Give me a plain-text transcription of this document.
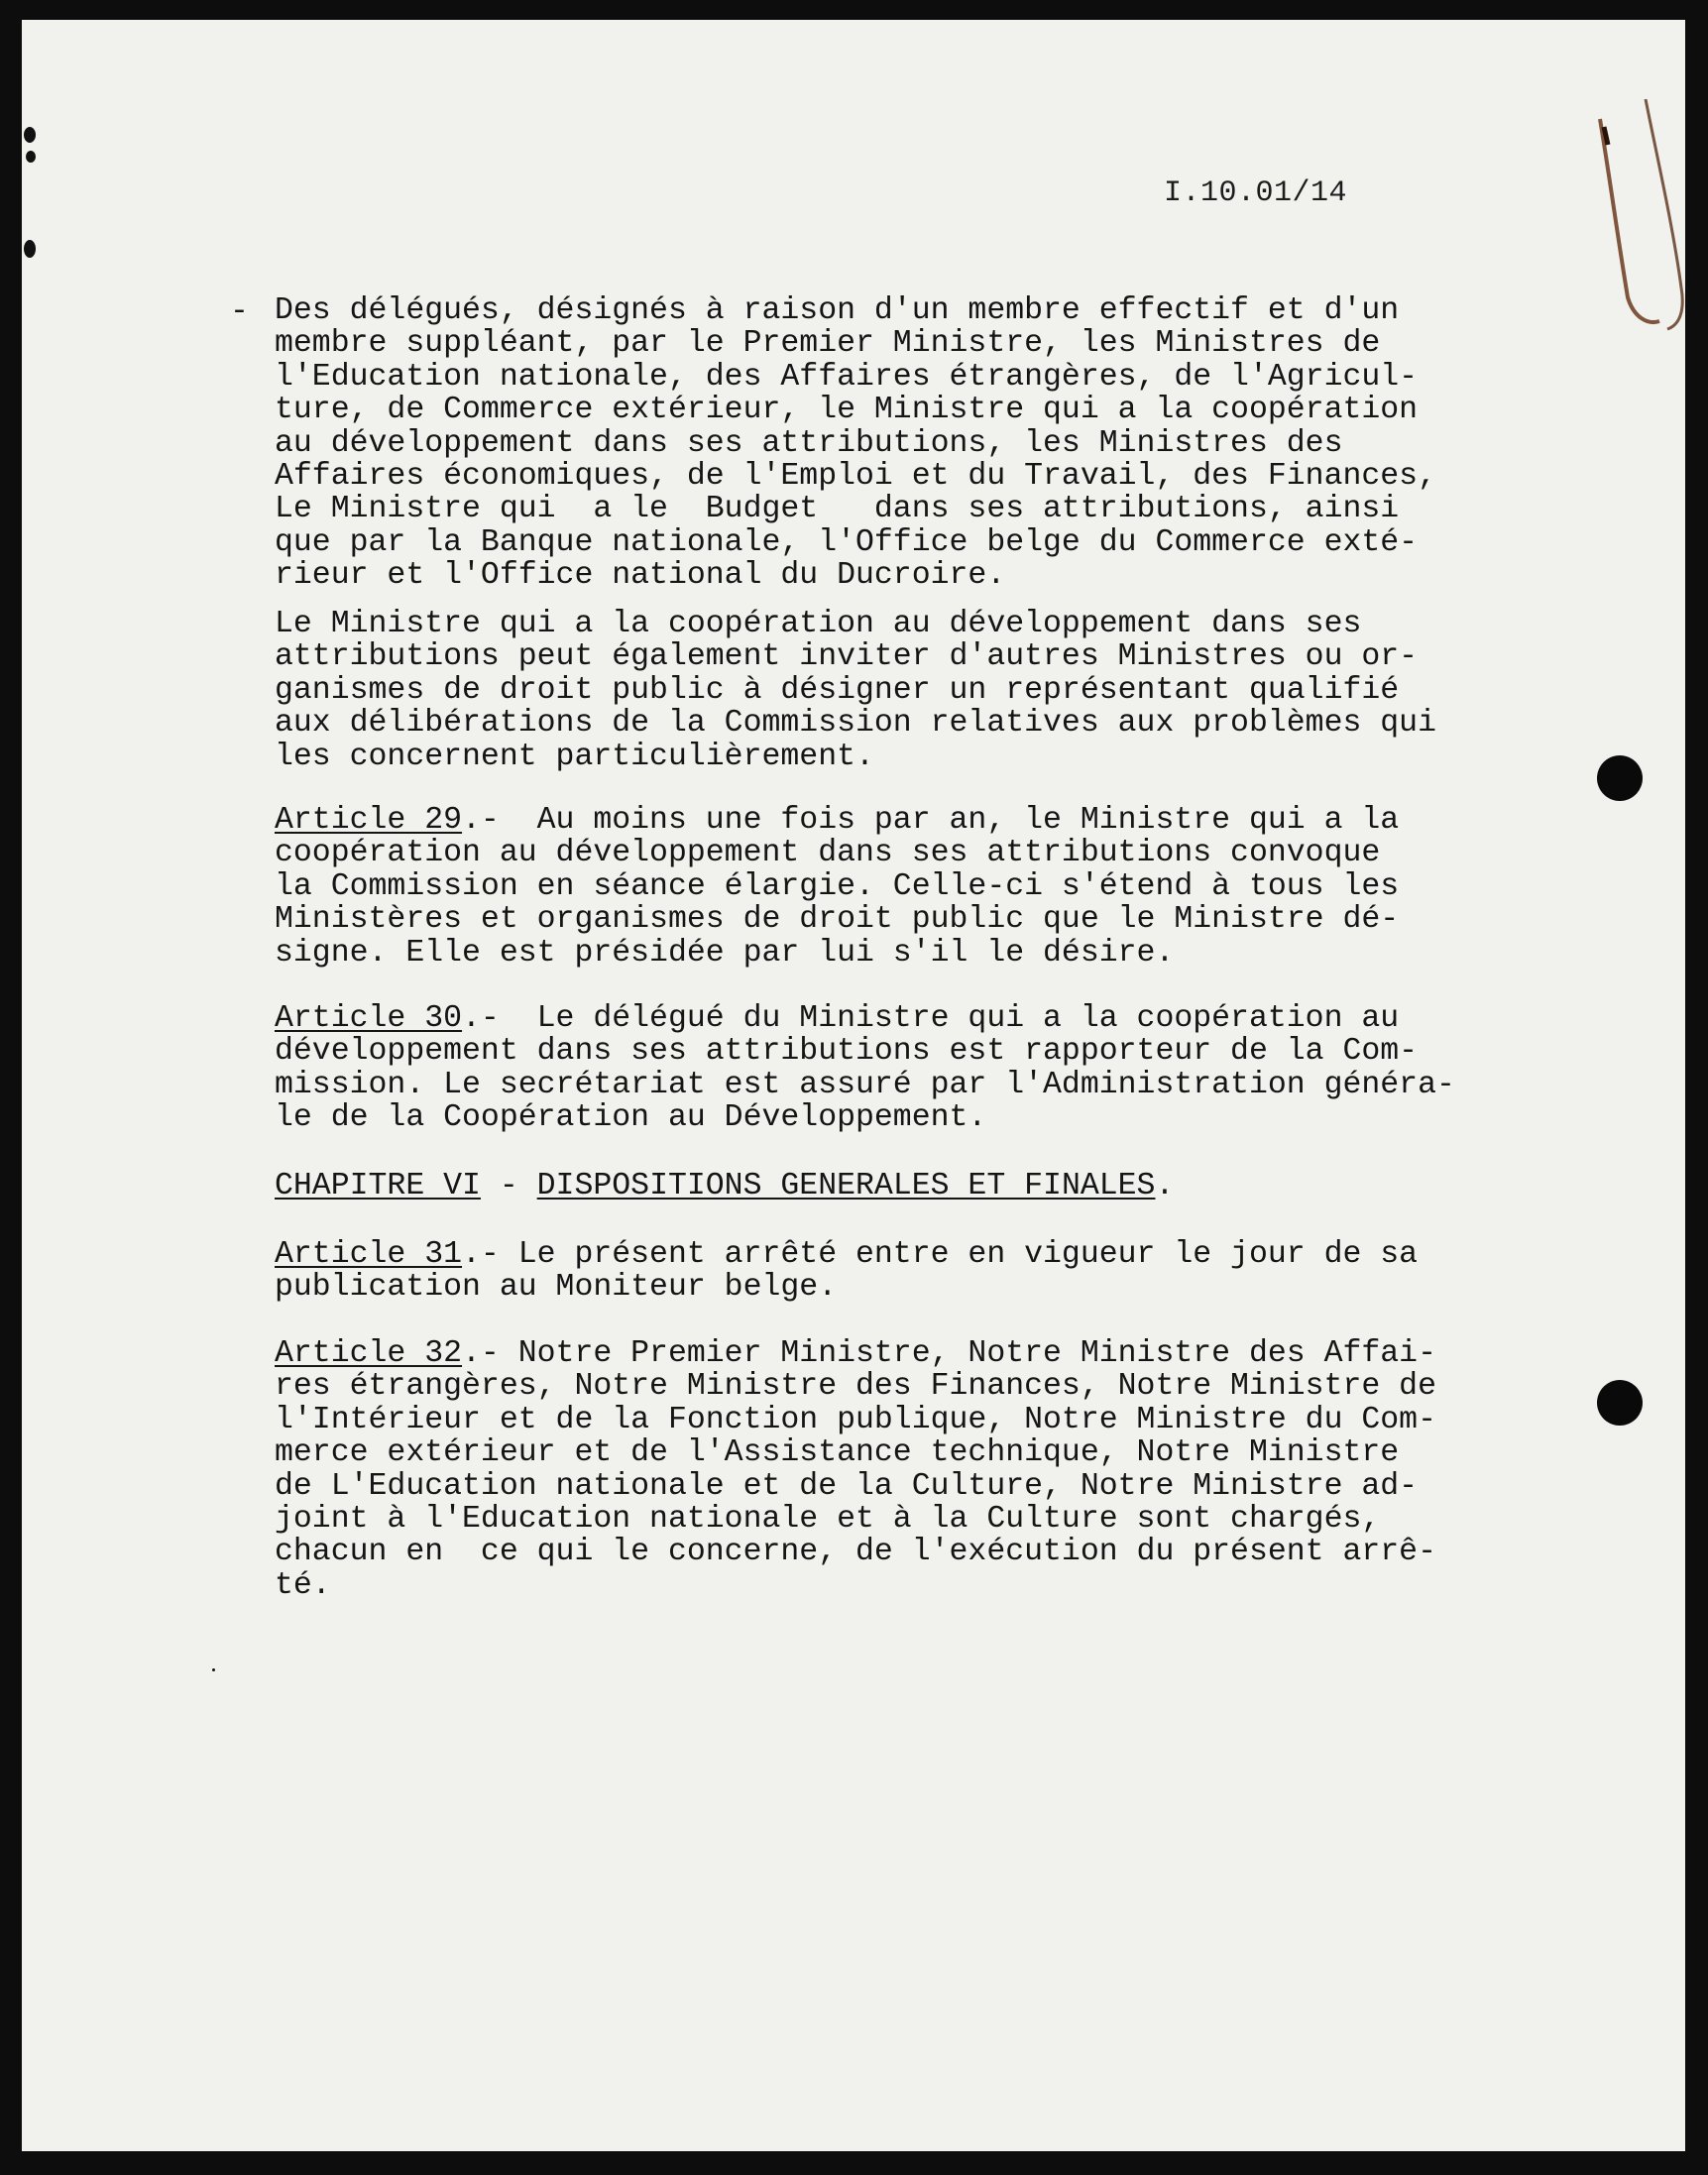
I.10.01/14
- Des délégués, désignés à raison d'un membre effectif et d'un

membre suppléant, par le Premier Ministre, les Ministres de

l'Education nationale, des Affaires étrangères, de l'Agricul-

ture, de Commerce extérieur, le Ministre qui a la coopération

au développement dans ses attributions, les Ministres des

Affaires économiques, de l'Emploi et du Travail, des Finances,

Le Ministre qui  a le  Budget   dans ses attributions, ainsi

que par la Banque nationale, l'Office belge du Commerce exté-

rieur et l'Office national du Ducroire.

Le Ministre qui a la coopération au développement dans ses

attributions peut également inviter d'autres Ministres ou or-

ganismes de droit public à désigner un représentant qualifié

aux délibérations de la Commission relatives aux problèmes qui

les concernent particulièrement.

Article 29.-  Au moins une fois par an, le Ministre qui a la

coopération au développement dans ses attributions convoque

la Commission en séance élargie. Celle-ci s'étend à tous les

Ministères et organismes de droit public que le Ministre dé-

signe. Elle est présidée par lui s'il le désire.

Article 30.-  Le délégué du Ministre qui a la coopération au

développement dans ses attributions est rapporteur de la Com-

mission. Le secrétariat est assuré par l'Administration généra-

le de la Coopération au Développement.

CHAPITRE VI - DISPOSITIONS GENERALES ET FINALES.

Article 31.- Le présent arrêté entre en vigueur le jour de sa

publication au Moniteur belge.

Article 32.- Notre Premier Ministre, Notre Ministre des Affai-

res étrangères, Notre Ministre des Finances, Notre Ministre de

l'Intérieur et de la Fonction publique, Notre Ministre du Com-

merce extérieur et de l'Assistance technique, Notre Ministre

de L'Education nationale et de la Culture, Notre Ministre ad-

joint à l'Education nationale et à la Culture sont chargés,

chacun en  ce qui le concerne, de l'exécution du présent arrê-

té.
